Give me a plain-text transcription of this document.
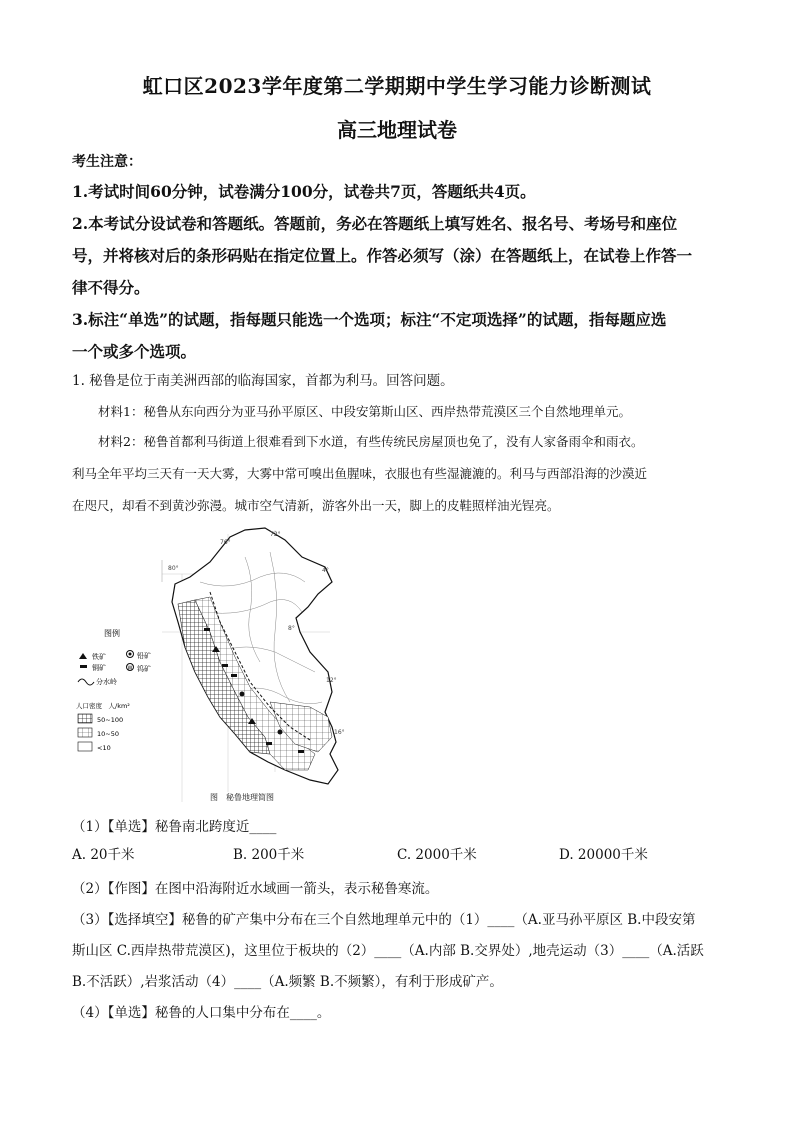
虹口区2023学年度第二学期期中学生学习能力诊断测试
高三地理试卷
考生注意：
1.考试时间60分钟，试卷满分100分，试卷共7页，答题纸共4页。
2.本考试分设试卷和答题纸。答题前，务必在答题纸上填写姓名、报名号、考场号和座位
号，并将核对后的条形码贴在指定位置上。作答必须写（涂）在答题纸上，在试卷上作答一
律不得分。
3.标注“单选”的试题，指每题只能选一个选项；标注“不定项选择”的试题，指每题应选
一个或多个选项。
1. 秘鲁是位于南美洲西部的临海国家，首都为利马。回答问题。
材料1：秘鲁从东向西分为亚马孙平原区、中段安第斯山区、西岸热带荒漠区三个自然地理单元。
材料2：秘鲁首都利马街道上很难看到下水道，有些传统民房屋顶也免了，没有人家备雨伞和雨衣。
利马全年平均三天有一天大雾，大雾中常可嗅出鱼腥味，衣服也有些湿漉漉的。利马与西部沿海的沙漠近
在咫尺，却看不到黄沙弥漫。城市空气清新，游客外出一天，脚上的皮鞋照样油光锃亮。
图例
铁矿	铅矿
铜矿	W 钨矿
分水岭
人口密度　人/km²
50~100
10~50
<10
80°
76°
72°
4°
8°
12°
16°
图　秘鲁地理简图
（1）【单选】秘鲁南北跨度近____
A. 20千米	B. 200千米	C. 2000千米	D. 20000千米
（2）【作图】在图中沿海附近水域画一箭头，表示秘鲁寒流。
（3）【选择填空】秘鲁的矿产集中分布在三个自然地理单元中的（1）____（A.亚马孙平原区 B.中段安第
斯山区 C.西岸热带荒漠区)，这里位于板块的（2）____（A.内部 B.交界处）,地壳运动（3）____（A.活跃
B.不活跃）,岩浆活动（4）____（A.频繁 B.不频繁），有利于形成矿产。
（4）【单选】秘鲁的人口集中分布在____。
